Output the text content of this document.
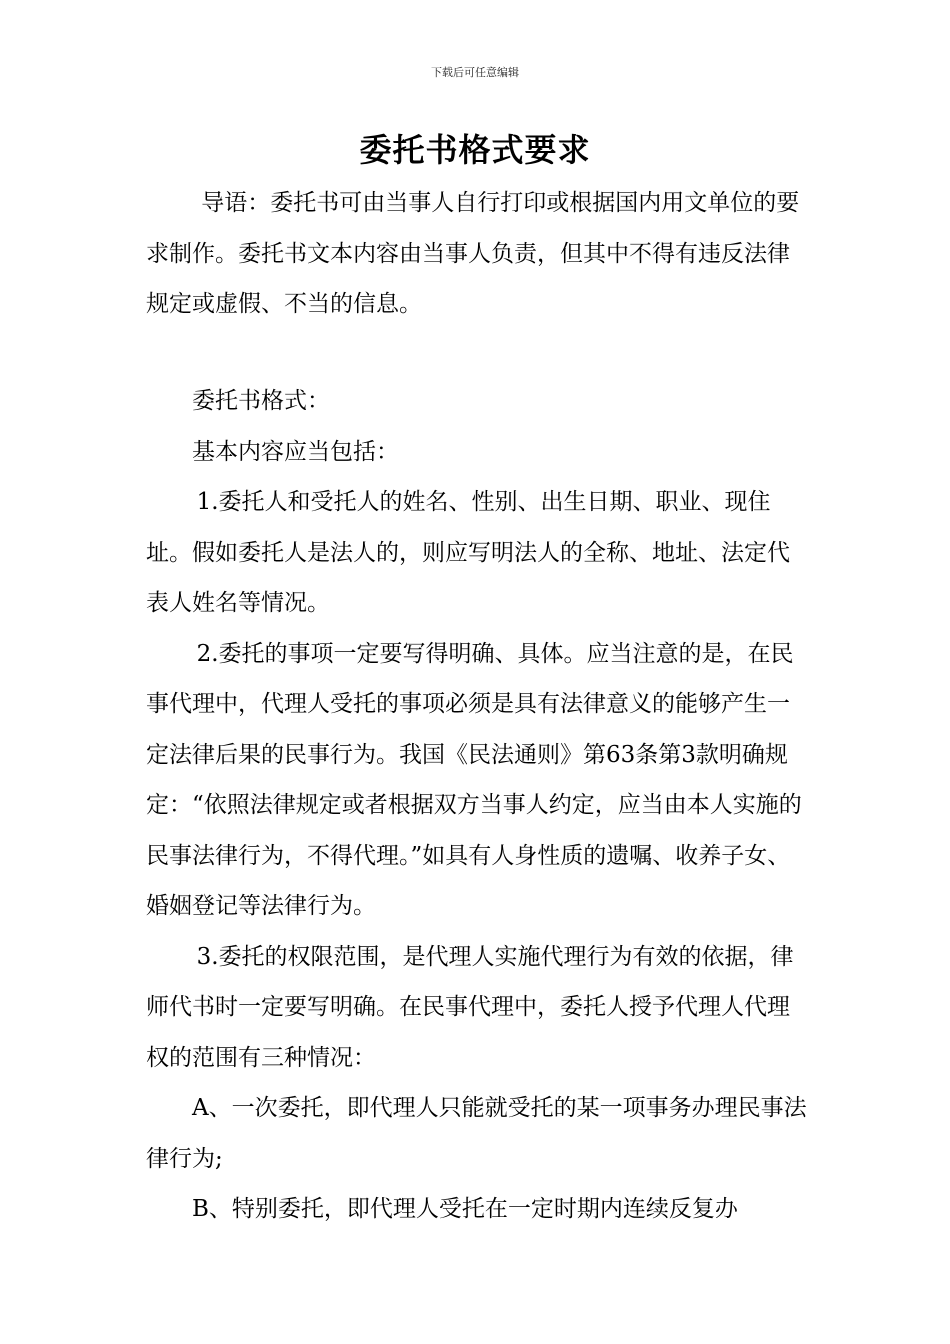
下载后可任意编辑
委托书格式要求

导语：委托书可由当事人自行打印或根据国内用文单位的要求制作。委托书文本内容由当事人负责，但其中不得有违反法律规定或虚假、不当的信息。

委托书格式：

基本内容应当包括：

1.委托人和受托人的姓名、性别、出生日期、职业、现住址。假如委托人是法人的，则应写明法人的全称、地址、法定代表人姓名等情况。

2.委托的事项一定要写得明确、具体。应当注意的是，在民事代理中，代理人受托的事项必须是具有法律意义的能够产生一定法律后果的民事行为。我国《民法通则》第63条第3款明确规定：“依照法律规定或者根据双方当事人约定，应当由本人实施的民事法律行为，不得代理。”如具有人身性质的遗嘱、收养子女、婚姻登记等法律行为。

3.委托的权限范围，是代理人实施代理行为有效的依据，律师代书时一定要写明确。在民事代理中，委托人授予代理人代理权的范围有三种情况：

A、一次委托，即代理人只能就受托的某一项事务办理民事法律行为;

B、特别委托，即代理人受托在一定时期内连续反复办
